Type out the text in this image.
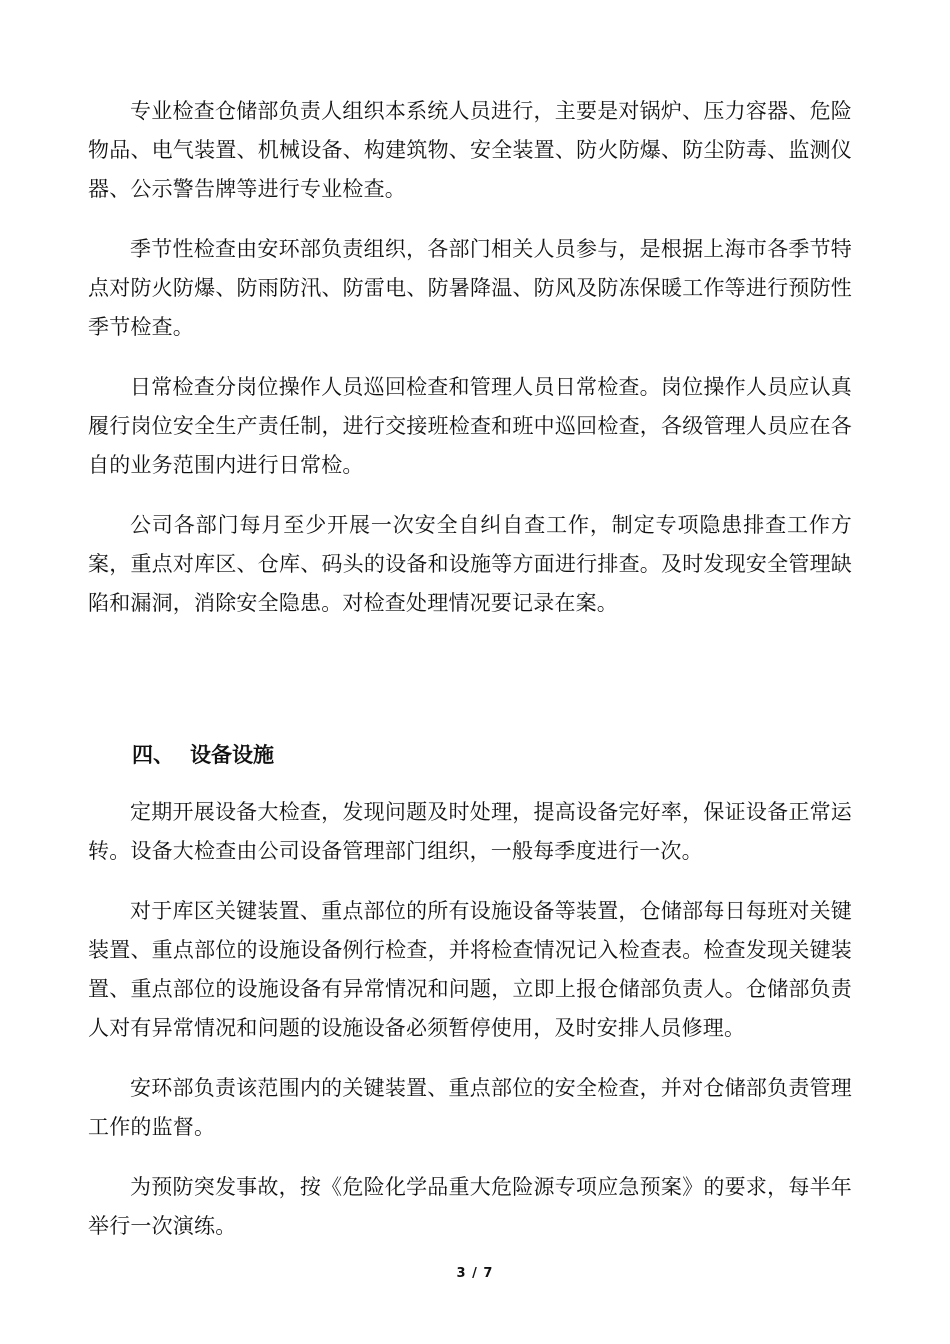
专业检查仓储部负责人组织本系统人员进行，主要是对锅炉、压力容器、危险物品、电气装置、机械设备、构建筑物、安全装置、防火防爆、防尘防毒、监测仪器、公示警告牌等进行专业检查。

季节性检查由安环部负责组织，各部门相关人员参与，是根据上海市各季节特点对防火防爆、防雨防汛、防雷电、防暑降温、防风及防冻保暖工作等进行预防性季节检查。

日常检查分岗位操作人员巡回检查和管理人员日常检查。岗位操作人员应认真履行岗位安全生产责任制，进行交接班检查和班中巡回检查，各级管理人员应在各自的业务范围内进行日常检。

公司各部门每月至少开展一次安全自纠自查工作，制定专项隐患排查工作方案，重点对库区、仓库、码头的设备和设施等方面进行排查。及时发现安全管理缺陷和漏洞，消除安全隐患。对检查处理情况要记录在案。

四、 设备设施

定期开展设备大检查，发现问题及时处理，提高设备完好率，保证设备正常运转。设备大检查由公司设备管理部门组织，一般每季度进行一次。

对于库区关键装置、重点部位的所有设施设备等装置，仓储部每日每班对关键装置、重点部位的设施设备例行检查，并将检查情况记入检查表。检查发现关键装置、重点部位的设施设备有异常情况和问题，立即上报仓储部负责人。仓储部负责人对有异常情况和问题的设施设备必须暂停使用，及时安排人员修理。

安环部负责该范围内的关键装置、重点部位的安全检查，并对仓储部负责管理工作的监督。

为预防突发事故，按《危险化学品重大危险源专项应急预案》的要求，每半年举行一次演练。

3 / 7
